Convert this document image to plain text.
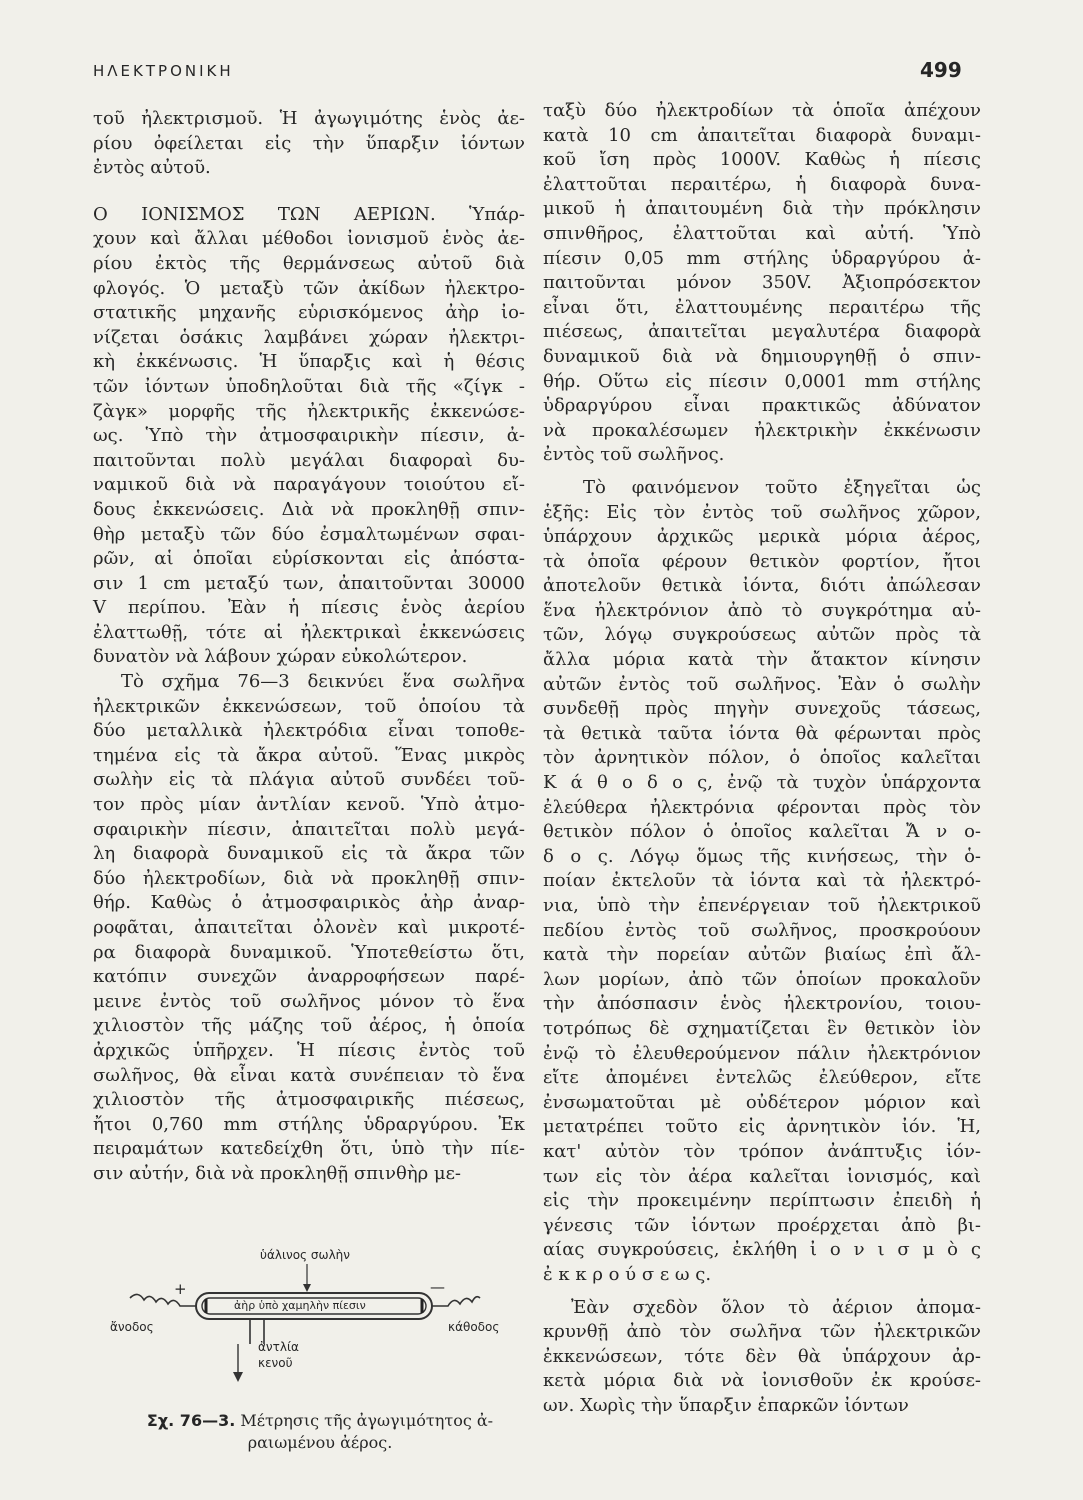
ΗΛΕΚΤΡΟΝΙΚΗ	499
τοῦ ἠλεκτρισμοῦ. Ἡ ἀγωγιμότης ἑνὸς ἀε-
ρίου ὀφείλεται εἰς τὴν ὕπαρξιν ἰόντων
ἐντὸς αὐτοῦ.
Ο ΙΟΝΙΣΜΟΣ ΤΩΝ ΑΕΡΙΩΝ. Ὑπάρ-
χουν καὶ ἄλλαι μέθοδοι ἰονισμοῦ ἑνὸς ἀε-
ρίου ἐκτὸς τῆς θερμάνσεως αὐτοῦ διὰ
φλογός. Ὁ μεταξὺ τῶν ἀκίδων ἠλεκτρο-
στατικῆς μηχανῆς εὑρισκόμενος ἀὴρ ἰο-
νίζεται ὁσάκις λαμβάνει χώραν ἠλεκτρι-
κὴ ἐκκένωσις. Ἡ ὕπαρξις καὶ ἡ θέσις
τῶν ἰόντων ὑποδηλοῦται διὰ τῆς «ζίγκ -
ζὰγκ» μορφῆς τῆς ἠλεκτρικῆς ἐκκενώσε-
ως. Ὑπὸ τὴν ἀτμοσφαιρικὴν πίεσιν, ἀ-
παιτοῦνται πολὺ μεγάλαι διαφοραὶ δυ-
ναμικοῦ διὰ νὰ παραγάγουν τοιούτου εἴ-
δους ἐκκενώσεις. Διὰ νὰ προκληθῇ σπιν-
θὴρ μεταξὺ τῶν δύο ἐσμαλτωμένων σφαι-
ρῶν, αἱ ὁποῖαι εὑρίσκονται εἰς ἀπόστα-
σιν 1 cm μεταξύ των, ἀπαιτοῦνται 30000
V περίπου. Ἐὰν ἡ πίεσις ἑνὸς ἀερίου
ἐλαττωθῇ, τότε αἱ ἠλεκτρικαὶ ἐκκενώσεις
δυνατὸν νὰ λάβουν χώραν εὐκολώτερον.
Τὸ σχῆμα 76—3 δεικνύει ἕνα σωλῆνα
ἠλεκτρικῶν ἐκκενώσεων, τοῦ ὁποίου τὰ
δύο μεταλλικὰ ἠλεκτρόδια εἶναι τοποθε-
τημένα εἰς τὰ ἄκρα αὐτοῦ. Ἕνας μικρὸς
σωλὴν εἰς τὰ πλάγια αὐτοῦ συνδέει τοῦ-
τον πρὸς μίαν ἀντλίαν κενοῦ. Ὑπὸ ἀτμο-
σφαιρικὴν πίεσιν, ἀπαιτεῖται πολὺ μεγά-
λη διαφορὰ δυναμικοῦ εἰς τὰ ἄκρα τῶν
δύο ἠλεκτροδίων, διὰ νὰ προκληθῇ σπιν-
θήρ. Καθὼς ὁ ἀτμοσφαιρικὸς ἀὴρ ἀναρ-
ροφᾶται, ἀπαιτεῖται ὀλονὲν καὶ μικροτέ-
ρα διαφορὰ δυναμικοῦ. Ὑποτεθείστω ὅτι,
κατόπιν συνεχῶν ἀναρροφήσεων παρέ-
μεινε ἐντὸς τοῦ σωλῆνος μόνον τὸ ἕνα
χιλιοστὸν τῆς μάζης τοῦ ἀέρος, ἡ ὁποία
ἀρχικῶς ὑπῆρχεν. Ἡ πίεσις ἐντὸς τοῦ
σωλῆνος, θὰ εἶναι κατὰ συνέπειαν τὸ ἕνα
χιλιοστὸν τῆς ἀτμοσφαιρικῆς πιέσεως,
ἤτοι 0,760 mm στήλης ὑδραργύρου. Ἐκ
πειραμάτων κατεδείχθη ὅτι, ὑπὸ τὴν πίε-
σιν αὐτήν, διὰ νὰ προκληθῇ σπινθὴρ με-
ταξὺ δύο ἠλεκτροδίων τὰ ὁποῖα ἀπέχουν
κατὰ 10 cm ἀπαιτεῖται διαφορὰ δυναμι-
κοῦ ἴση πρὸς 1000V. Καθὼς ἡ πίεσις
ἐλαττοῦται περαιτέρω, ἡ διαφορὰ δυνα-
μικοῦ ἡ ἀπαιτουμένη διὰ τὴν πρόκλησιν
σπινθῆρος, ἐλαττοῦται καὶ αὐτή. Ὑπὸ
πίεσιν 0,05 mm στήλης ὑδραργύρου ἀ-
παιτοῦνται μόνον 350V. Ἀξιοπρόσεκτον
εἶναι ὅτι, ἐλαττουμένης περαιτέρω τῆς
πιέσεως, ἀπαιτεῖται μεγαλυτέρα διαφορὰ
δυναμικοῦ διὰ νὰ δημιουργηθῇ ὁ σπιν-
θήρ. Οὕτω εἰς πίεσιν 0,0001 mm στήλης
ὑδραργύρου εἶναι πρακτικῶς ἀδύνατον
νὰ προκαλέσωμεν ἠλεκτρικὴν ἐκκένωσιν
ἐντὸς τοῦ σωλῆνος.
Τὸ φαινόμενον τοῦτο ἐξηγεῖται ὡς
ἑξῆς: Εἰς τὸν ἐντὸς τοῦ σωλῆνος χῶρον,
ὑπάρχουν ἀρχικῶς μερικὰ μόρια ἀέρος,
τὰ ὁποῖα φέρουν θετικὸν φορτίον, ἤτοι
ἀποτελοῦν θετικὰ ἰόντα, διότι ἀπώλεσαν
ἕνα ἠλεκτρόνιον ἀπὸ τὸ συγκρότημα αὐ-
τῶν, λόγῳ συγκρούσεως αὐτῶν πρὸς τὰ
ἄλλα μόρια κατὰ τὴν ἄτακτον κίνησιν
αὐτῶν ἐντὸς τοῦ σωλῆνος. Ἐὰν ὁ σωλὴν
συνδεθῇ πρὸς πηγὴν συνεχοῦς τάσεως,
τὰ θετικὰ ταῦτα ἰόντα θὰ φέρωνται πρὸς
τὸν ἀρνητικὸν πόλον, ὁ ὁποῖος καλεῖται
Κ ά θ ο δ ο ς, ἐνῷ τὰ τυχὸν ὑπάρχοντα
ἐλεύθερα ἠλεκτρόνια φέρονται πρὸς τὸν
θετικὸν πόλον ὁ ὁποῖος καλεῖται Ἄ ν ο-
δ ο ς. Λόγῳ ὅμως τῆς κινήσεως, τὴν ὁ-
ποίαν ἐκτελοῦν τὰ ἰόντα καὶ τὰ ἠλεκτρό-
νια, ὑπὸ τὴν ἐπενέργειαν τοῦ ἠλεκτρικοῦ
πεδίου ἐντὸς τοῦ σωλῆνος, προσκρούουν
κατὰ τὴν πορείαν αὐτῶν βιαίως ἐπὶ ἄλ-
λων μορίων, ἀπὸ τῶν ὁποίων προκαλοῦν
τὴν ἀπόσπασιν ἑνὸς ἠλεκτρονίου, τοιου-
τοτρόπως δὲ σχηματίζεται ἓν θετικὸν ἰὸν
ἐνῷ τὸ ἐλευθερούμενον πάλιν ἠλεκτρόνιον
εἴτε ἀπομένει ἐντελῶς ἐλεύθερον, εἴτε
ἐνσωματοῦται μὲ οὐδέτερον μόριον καὶ
μετατρέπει τοῦτο εἰς ἀρνητικὸν ἰόν. Ἡ,
κατ' αὐτὸν τὸν τρόπον ἀνάπτυξις ἰόν-
των εἰς τὸν ἀέρα καλεῖται ἰονισμός, καὶ
εἰς τὴν προκειμένην περίπτωσιν ἐπειδὴ ἡ
γένεσις τῶν ἰόντων προέρχεται ἀπὸ βι-
αίας συγκρούσεις, ἐκλήθη ἰ ο ν ι σ μ ὸ ς
ἐ κ κ ρ ο ύ σ ε ω ς.
Ἐὰν σχεδὸν ὅλον τὸ ἀέριον ἀπομα-
κρυνθῇ ἀπὸ τὸν σωλῆνα τῶν ἠλεκτρικῶν
ἐκκενώσεων, τότε δὲν θὰ ὑπάρχουν ἀρ-
κετὰ μόρια διὰ νὰ ἰονισθοῦν ἐκ κρούσε-
ων. Χωρὶς τὴν ὕπαρξιν ἐπαρκῶν ἰόντων
ὑάλινος σωλὴν
ἀὴρ ὑπὸ χαμηλὴν πίεσιν
+	—
ἄνοδος	κάθοδος
ἀντλία
κενοῦ
Σχ. 76—3. Μέτρησις τῆς ἀγωγιμότητος ἀ-
ραιωμένου ἀέρος.
